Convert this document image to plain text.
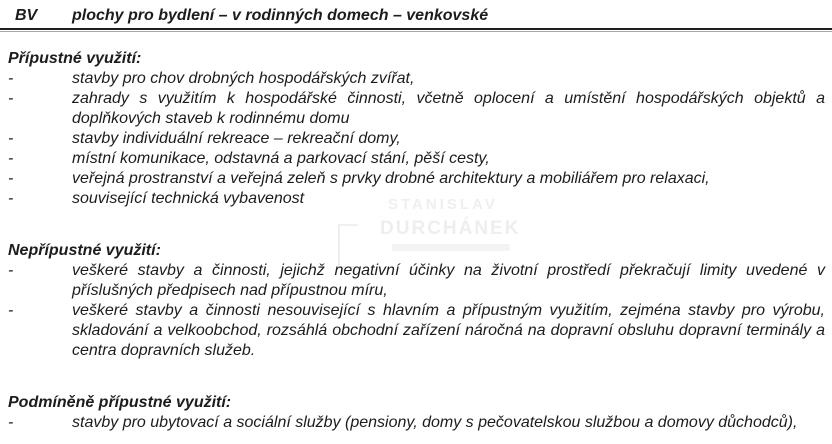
BV	plochy pro bydlení – v rodinných domech – venkovské
STANISLAV
DURCHÁNEK

Přípustné využití:

-	stavby pro chov drobných hospodářských zvířat,

-	zahrady s využitím k hospodářské činnosti, včetně oplocení a umístění hospodářských objektů a doplňkových staveb k rodinnému domu

-	stavby individuální rekreace – rekreační domy,

-	místní komunikace, odstavná a parkovací stání, pěší cesty,

-	veřejná prostranství a veřejná zeleň s prvky drobné architektury a mobiliářem pro relaxaci,

-	související technická vybavenost

Nepřípustné využití:

-	veškeré stavby a činnosti, jejichž negativní účinky na životní prostředí překračují limity uvedené v příslušných předpisech nad přípustnou míru,

-	veškeré stavby a činnosti nesouvisející s hlavním a přípustným využitím, zejména stavby pro výrobu, skladování a velkoobchod, rozsáhlá obchodní zařízení náročná na dopravní obsluhu dopravní terminály a centra dopravních služeb.

Podmíněně přípustné využití:

-	stavby pro ubytovací a sociální služby (pensiony, domy s pečovatelskou službou a domovy důchodců),
